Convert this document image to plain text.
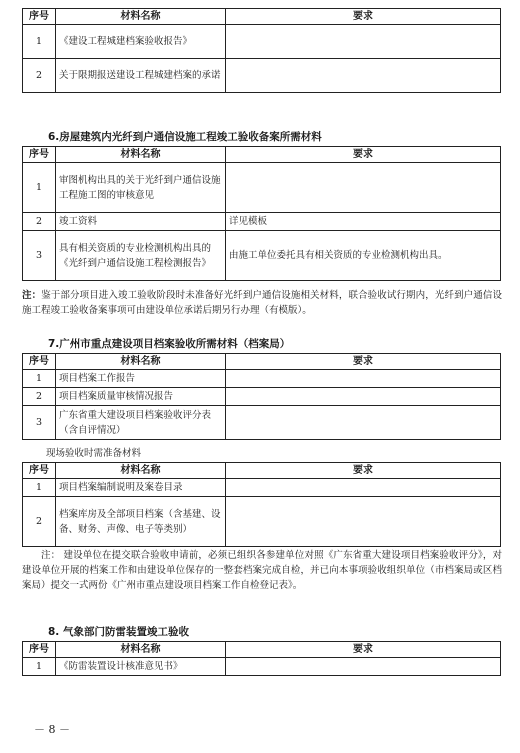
序号	材料名称	要求
1	《建设工程城建档案验收报告》	
2	关于限期报送建设工程城建档案的承诺	
6.房屋建筑内光纤到户通信设施工程竣工验收备案所需材料
序号	材料名称	要求
1	审图机构出具的关于光纤到户通信设施工程施工图的审核意见	
2	竣工资料	详见模板
3	具有相关资质的专业检测机构出具的《光纤到户通信设施工程检测报告》	由施工单位委托具有相关资质的专业检测机构出具。
注：鉴于部分项目进入竣工验收阶段时未准备好光纤到户通信设施相关材料，联合验收试行期内，光纤到户通信设施工程竣工验收备案事项可由建设单位承诺后期另行办理（有模版）。
7.广州市重点建设项目档案验收所需材料（档案局）
序号	材料名称	要求
1	项目档案工作报告	
2	项目档案质量审核情况报告	
3	广东省重大建设项目档案验收评分表（含自评情况）	
现场验收时需准备材料
序号	材料名称	要求
1	项目档案编制说明及案卷目录	
2	档案库房及全部项目档案（含基建、设备、财务、声像、电子等类别）	
注： 建设单位在提交联合验收申请前，必须已组织各参建单位对照《广东省重大建设项目档案验收评分》，对建设单位开展的档案工作和由建设单位保存的一整套档案完成自检，并已向本事项验收组织单位（市档案局或区档案局）提交一式两份《广州市重点建设项目档案工作自检登记表》。
8. 气象部门防雷装置竣工验收
序号	材料名称	要求
1	《防雷装置设计核准意见书》	
－ 8 －
